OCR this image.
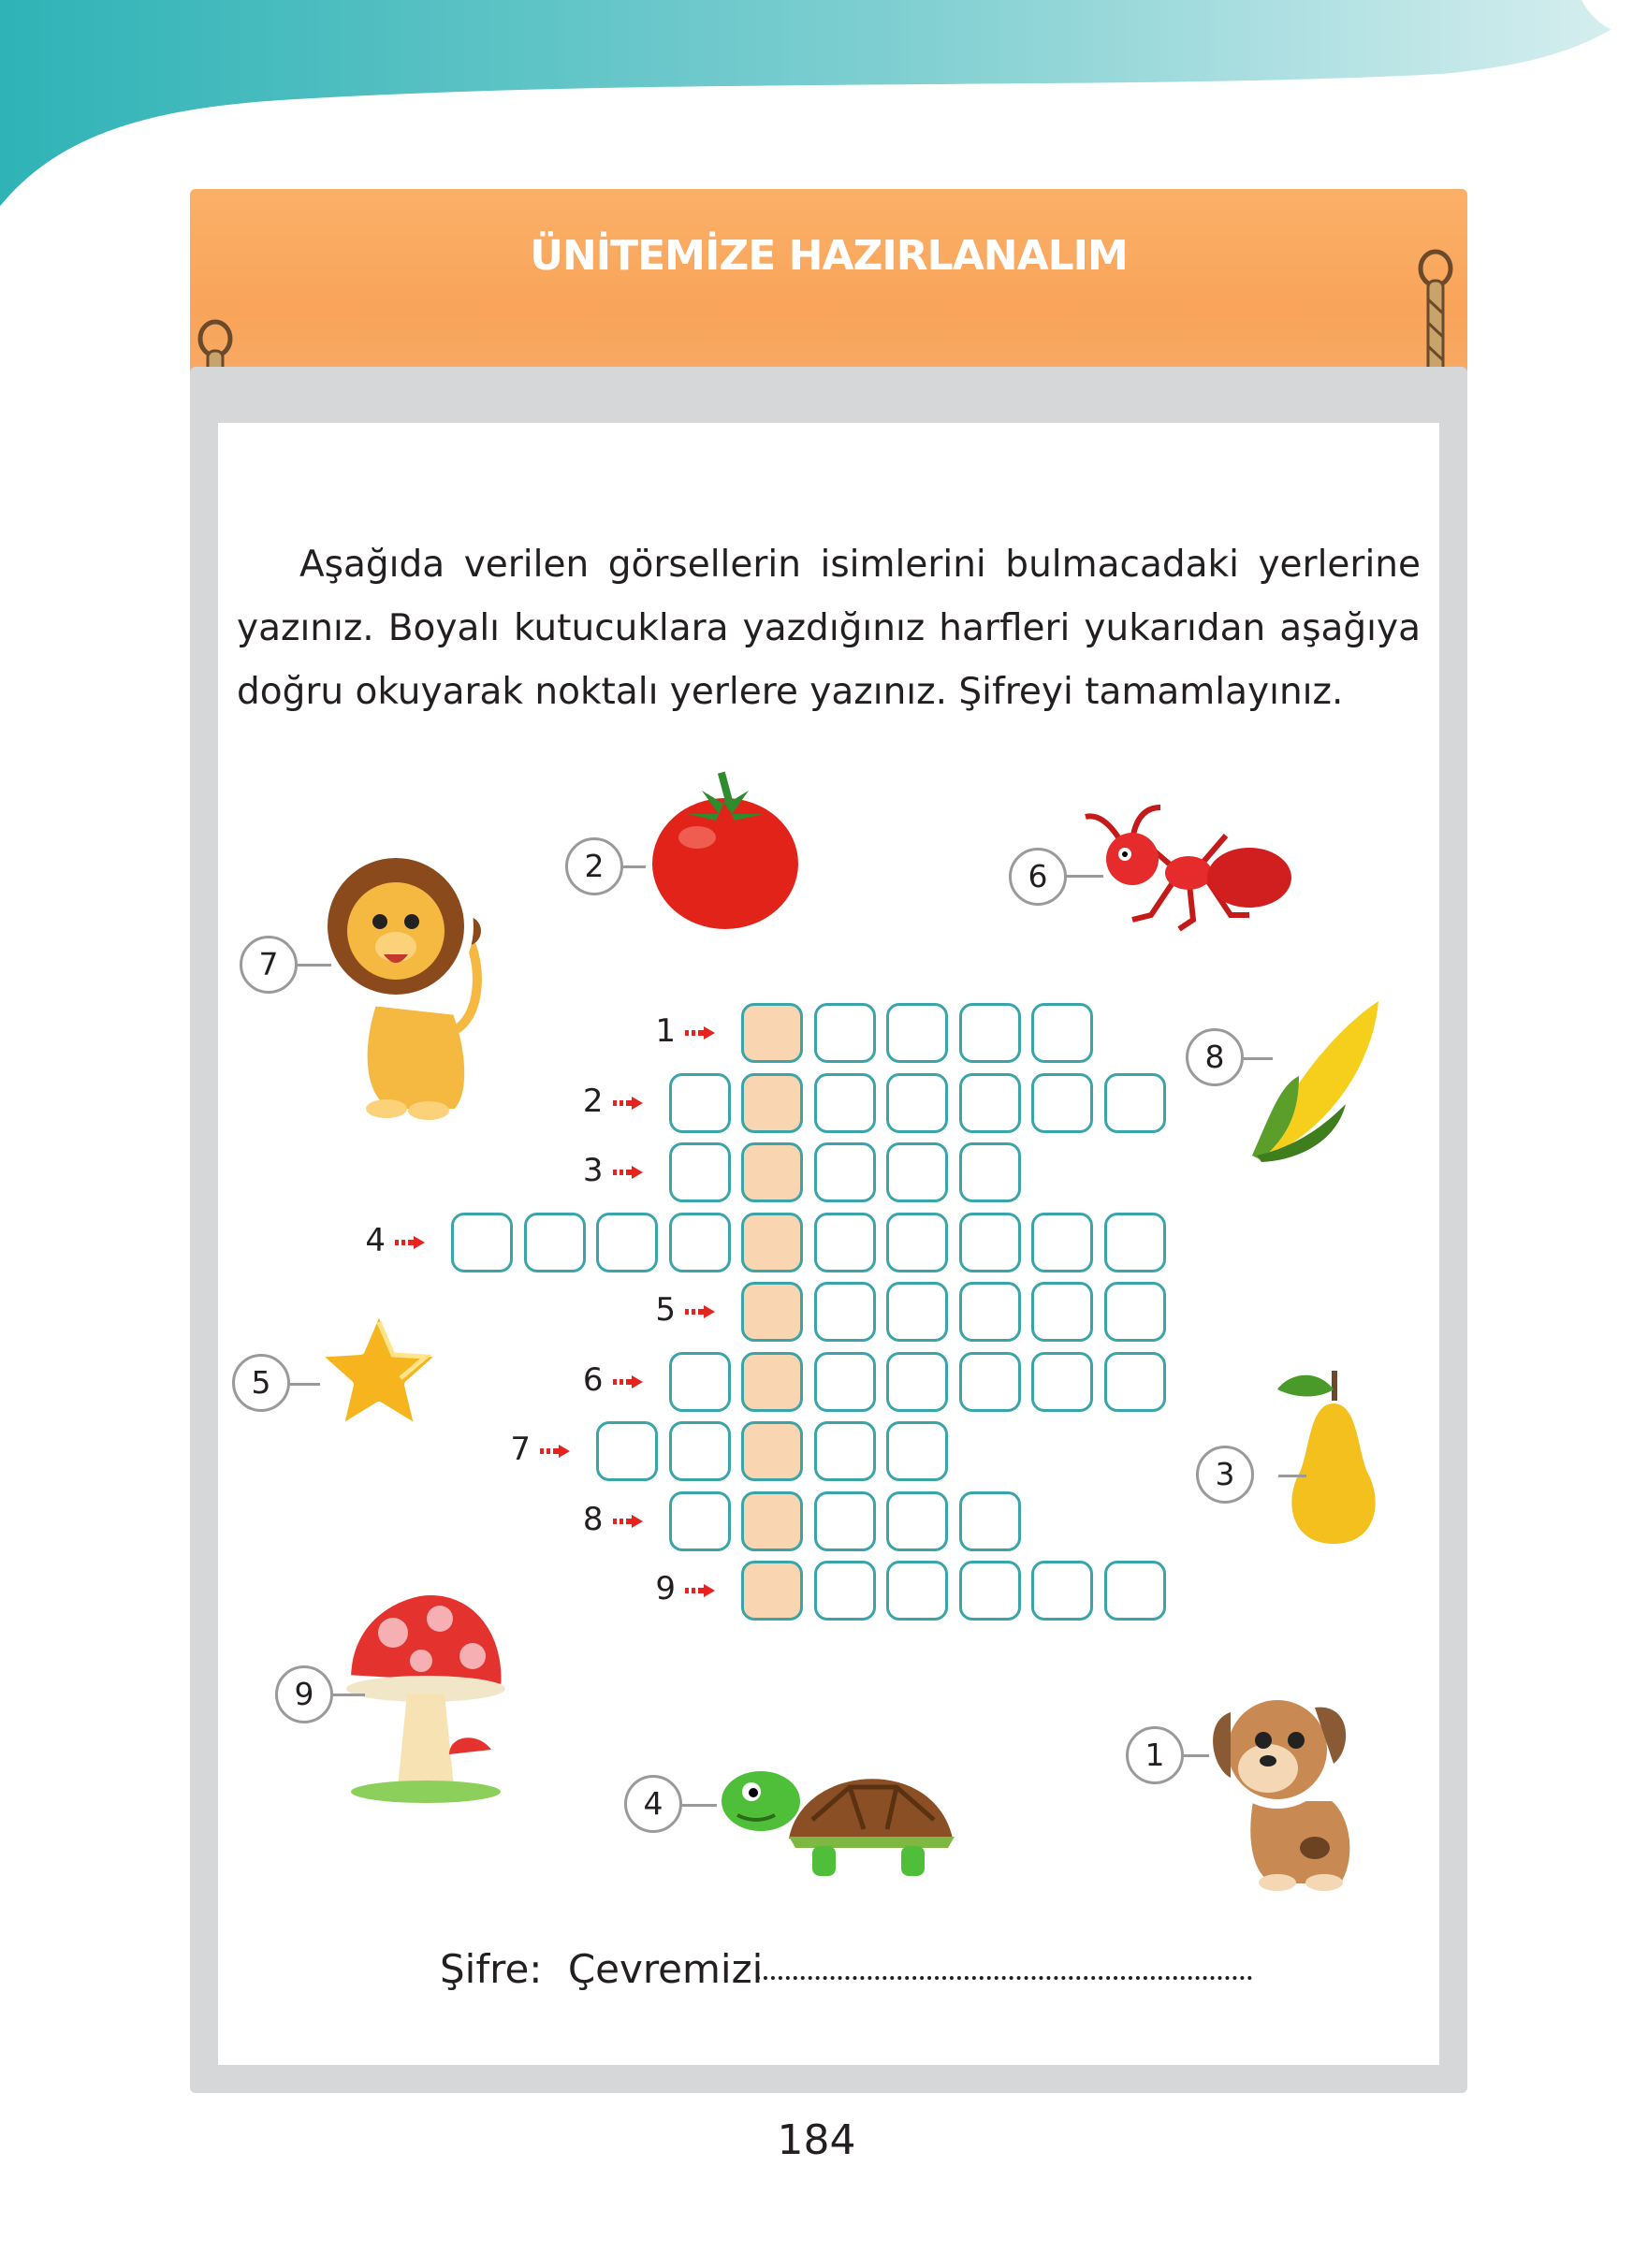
ÜNİTEMİZE HAZIRLANALIM

Aşağıda verilen görsellerin isimlerini bulmacadaki yerlerine yazınız. Boyalı kutucuklara yazdığınız harfleri yukarıdan aşağıya doğru okuyarak noktalı yerlere yazınız. Şifreyi tamamlayınız.

1
2
3
4
5
6
7
8
9
7
2	6
8
5
3
9
4
1
Şifre: Çevremizi
184
